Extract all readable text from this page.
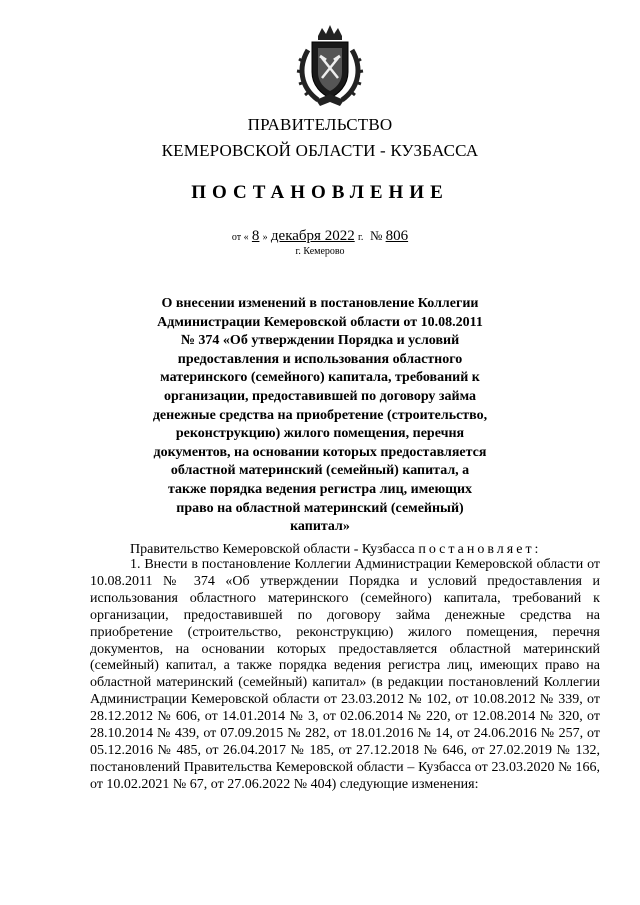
ПРАВИТЕЛЬСТВО
КЕМЕРОВСКОЙ ОБЛАСТИ - КУЗБАССА
ПОСТАНОВЛЕНИЕ
от « 8 » декабря 2022 г. № 806
г. Кемерово
О внесении изменений в постановление Коллегии Администрации Кемеровской области от 10.08.2011 № 374 «Об утверждении Порядка и условий предоставления и использования областного материнского (семейного) капитала, требований к организации, предоставившей по договору займа денежные средства на приобретение (строительство, реконструкцию) жилого помещения, перечня документов, на основании которых предоставляется областной материнский (семейный) капитал, а также порядка ведения регистра лиц, имеющих право на областной материнский (семейный) капитал»
Правительство Кемеровской области - Кузбасса постановляет:
1. Внести в постановление Коллегии Администрации Кемеровской области от 10.08.2011 № 374 «Об утверждении Порядка и условий предоставления и использования областного материнского (семейного) капитала, требований к организации, предоставившей по договору займа денежные средства на приобретение (строительство, реконструкцию) жилого помещения, перечня документов, на основании которых предоставляется областной материнский (семейный) капитал, а также порядка ведения регистра лиц, имеющих право на областной материнский (семейный) капитал» (в редакции постановлений Коллегии Администрации Кемеровской области от 23.03.2012 № 102, от 10.08.2012 № 339, от 28.12.2012 № 606, от 14.01.2014 № 3, от 02.06.2014 № 220, от 12.08.2014 № 320, от 28.10.2014 № 439, от 07.09.2015 № 282, от 18.01.2016 № 14, от 24.06.2016 № 257, от 05.12.2016 № 485, от 26.04.2017 № 185, от 27.12.2018 № 646, от 27.02.2019 № 132, постановлений Правительства Кемеровской области – Кузбасса от 23.03.2020 № 166, от 10.02.2021 № 67, от 27.06.2022 № 404) следующие изменения:
